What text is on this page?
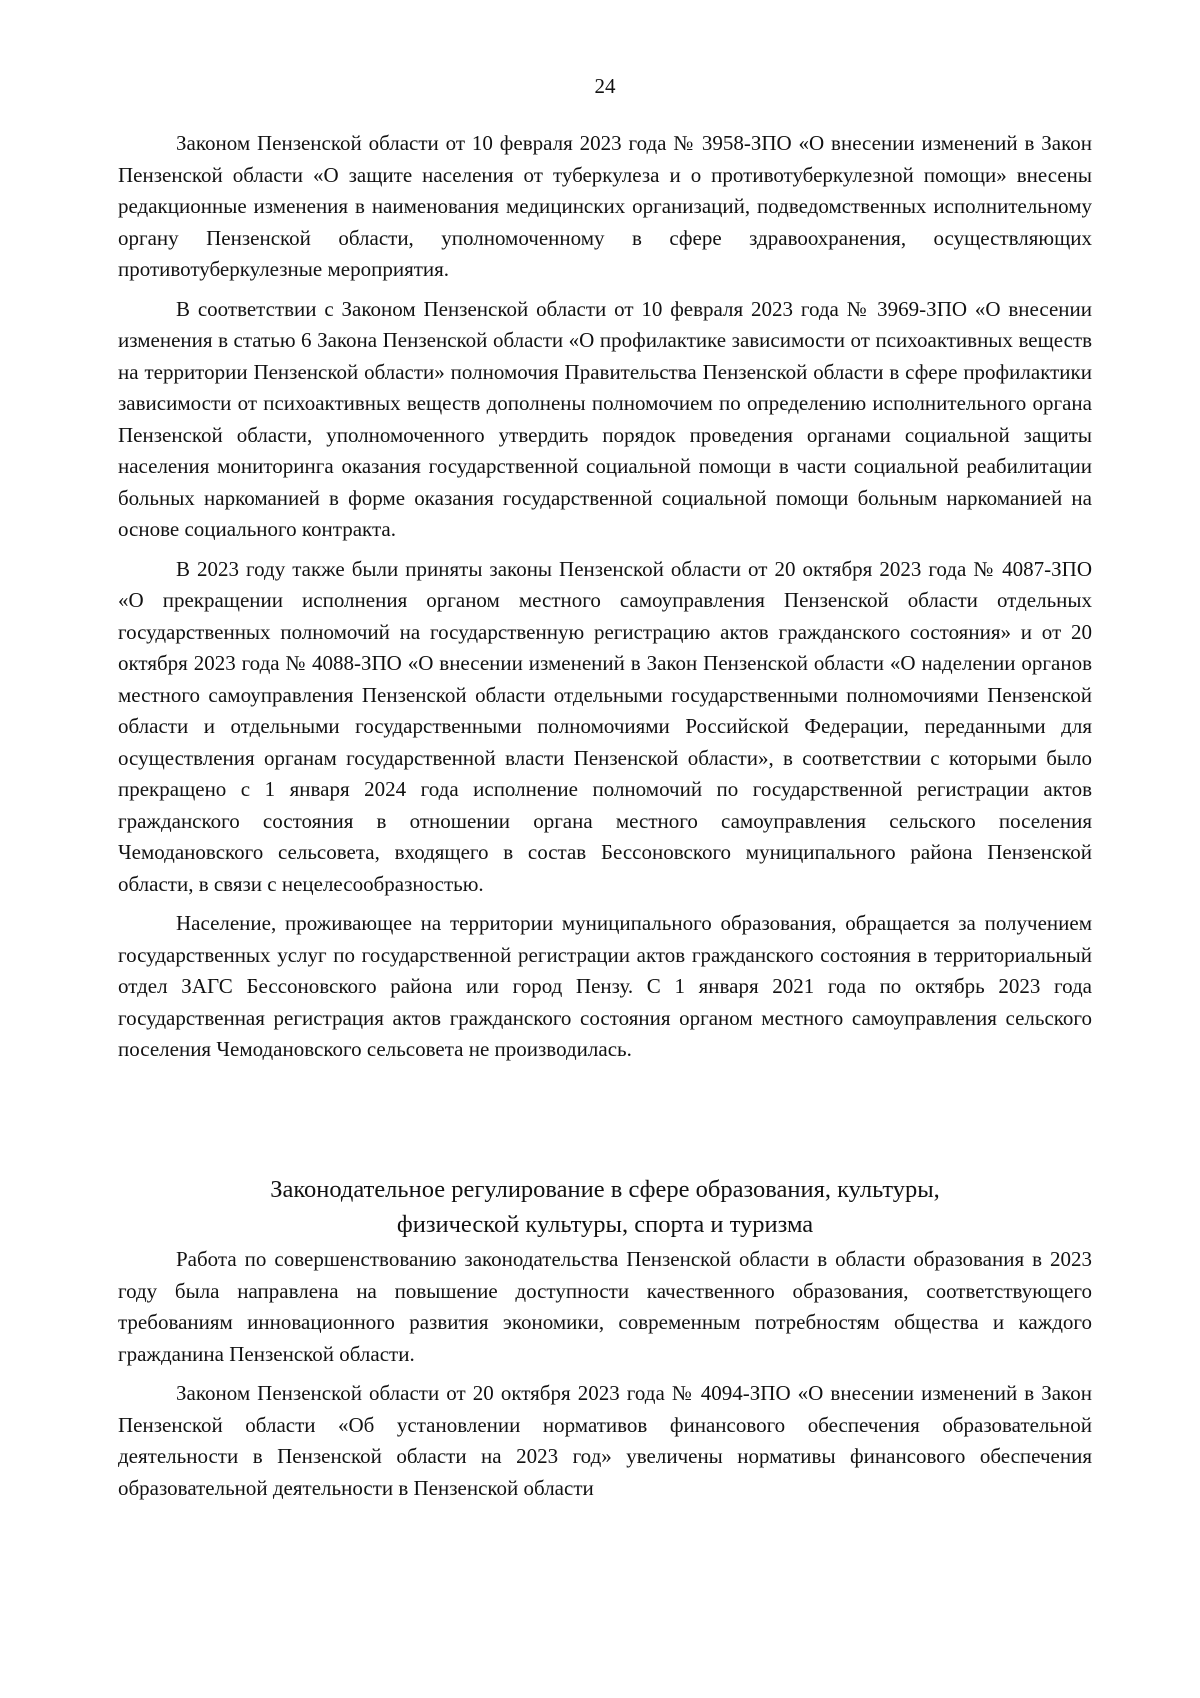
24

Законом Пензенской области от 10 февраля 2023 года № 3958-ЗПО «О внесении изменений в Закон Пензенской области «О защите населения от туберкулеза и о противотуберкулезной помощи» внесены редакционные изменения в наименования медицинских организаций, подведомственных исполнительному органу Пензенской области, уполномоченному в сфере здравоохранения, осуществляющих противотуберкулезные мероприятия.

В соответствии с Законом Пензенской области от 10 февраля 2023 года № 3969-ЗПО «О внесении изменения в статью 6 Закона Пензенской области «О профилактике зависимости от психоактивных веществ на территории Пензенской области» полномочия Правительства Пензенской области в сфере профилактики зависимости от психоактивных веществ дополнены полномочием по определению исполнительного органа Пензенской области, уполномоченного утвердить порядок проведения органами социальной защиты населения мониторинга оказания государственной социальной помощи в части социальной реабилитации больных наркоманией в форме оказания государственной социальной помощи больным наркоманией на основе социального контракта.

В 2023 году также были приняты законы Пензенской области от 20 октября 2023 года № 4087-ЗПО «О прекращении исполнения органом местного самоуправления Пензенской области отдельных государственных полномочий на государственную регистрацию актов гражданского состояния» и от 20 октября 2023 года № 4088-ЗПО «О внесении изменений в Закон Пензенской области «О наделении органов местного самоуправления Пензенской области отдельными государственными полномочиями Пензенской области и отдельными государственными полномочиями Российской Федерации, переданными для осуществления органам государственной власти Пензенской области», в соответствии с которыми было прекращено с 1 января 2024 года исполнение полномочий по государственной регистрации актов гражданского состояния в отношении органа местного самоуправления сельского поселения Чемодановского сельсовета, входящего в состав Бессоновского муниципального района Пензенской области, в связи с нецелесообразностью.

Население, проживающее на территории муниципального образования, обращается за получением государственных услуг по государственной регистрации актов гражданского состояния в территориальный отдел ЗАГС Бессоновского района или город Пензу. С 1 января 2021 года по октябрь 2023 года государственная регистрация актов гражданского состояния органом местного самоуправления сельского поселения Чемодановского сельсовета не производилась.

Законодательное регулирование в сфере образования, культуры,
физической культуры, спорта и туризма

Работа по совершенствованию законодательства Пензенской области в области образования в 2023 году была направлена на повышение доступности качественного образования, соответствующего требованиям инновационного развития экономики, современным потребностям общества и каждого гражданина Пензенской области.

Законом Пензенской области от 20 октября 2023 года № 4094-ЗПО «О внесении изменений в Закон Пензенской области «Об установлении нормативов финансового обеспечения образовательной деятельности в Пензенской области на 2023 год» увеличены нормативы финансового обеспечения образовательной деятельности в Пензенской области
